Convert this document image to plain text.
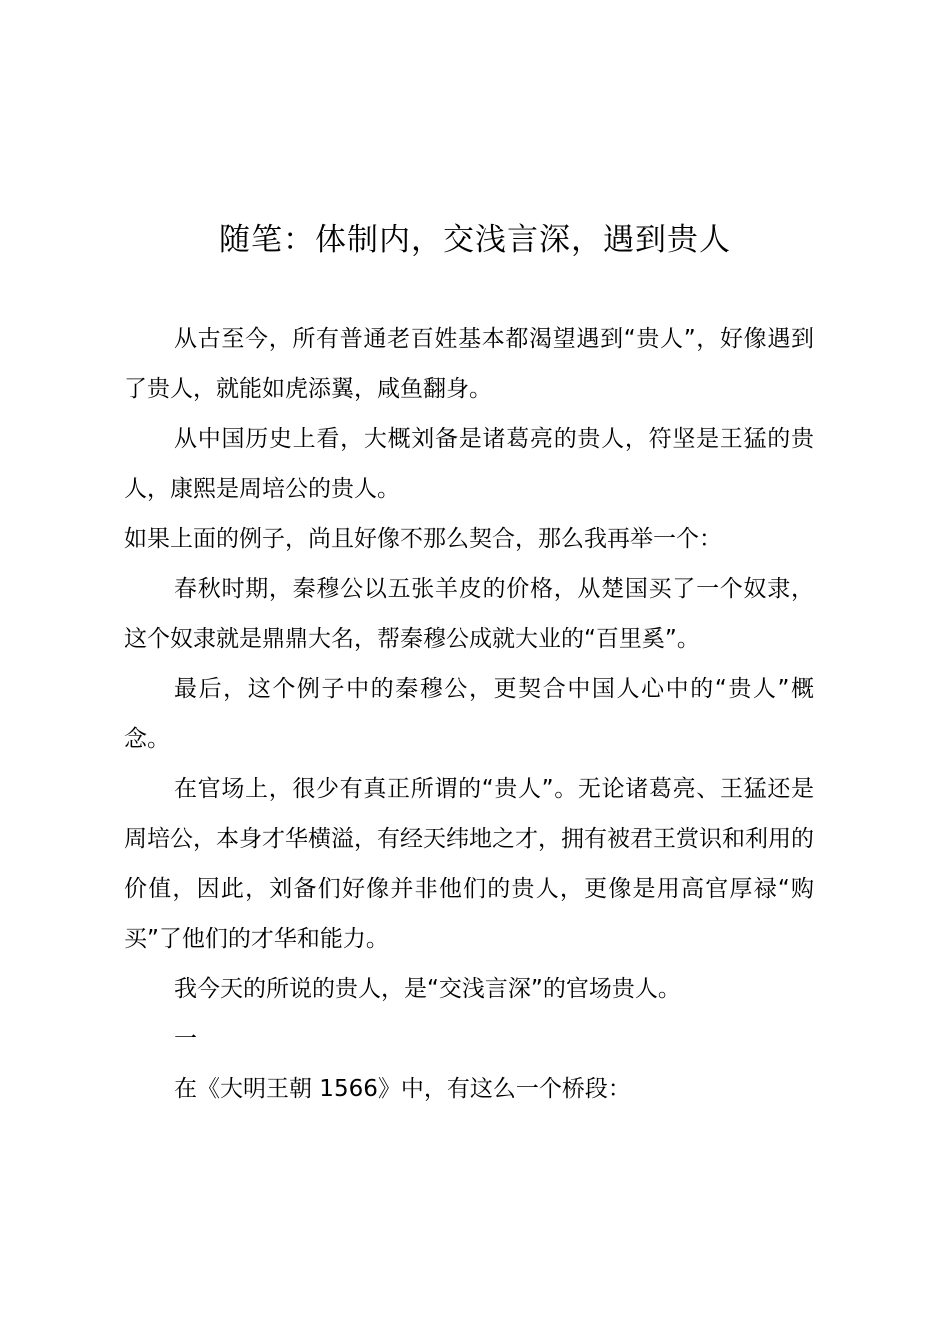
随笔：体制内，交浅言深，遇到贵人

从古至今，所有普通老百姓基本都渴望遇到“贵人”，好像遇到了贵人，就能如虎添翼，咸鱼翻身。

从中国历史上看，大概刘备是诸葛亮的贵人，符坚是王猛的贵人，康熙是周培公的贵人。

如果上面的例子，尚且好像不那么契合，那么我再举一个：

春秋时期，秦穆公以五张羊皮的价格，从楚国买了一个奴隶，这个奴隶就是鼎鼎大名，帮秦穆公成就大业的“百里奚”。

最后，这个例子中的秦穆公，更契合中国人心中的“贵人”概念。

在官场上，很少有真正所谓的“贵人”。无论诸葛亮、王猛还是周培公，本身才华横溢，有经天纬地之才，拥有被君王赏识和利用的价值，因此，刘备们好像并非他们的贵人，更像是用高官厚禄“购买”了他们的才华和能力。

我今天的所说的贵人，是“交浅言深”的官场贵人。

一

在《大明王朝 1566》中，有这么一个桥段：
